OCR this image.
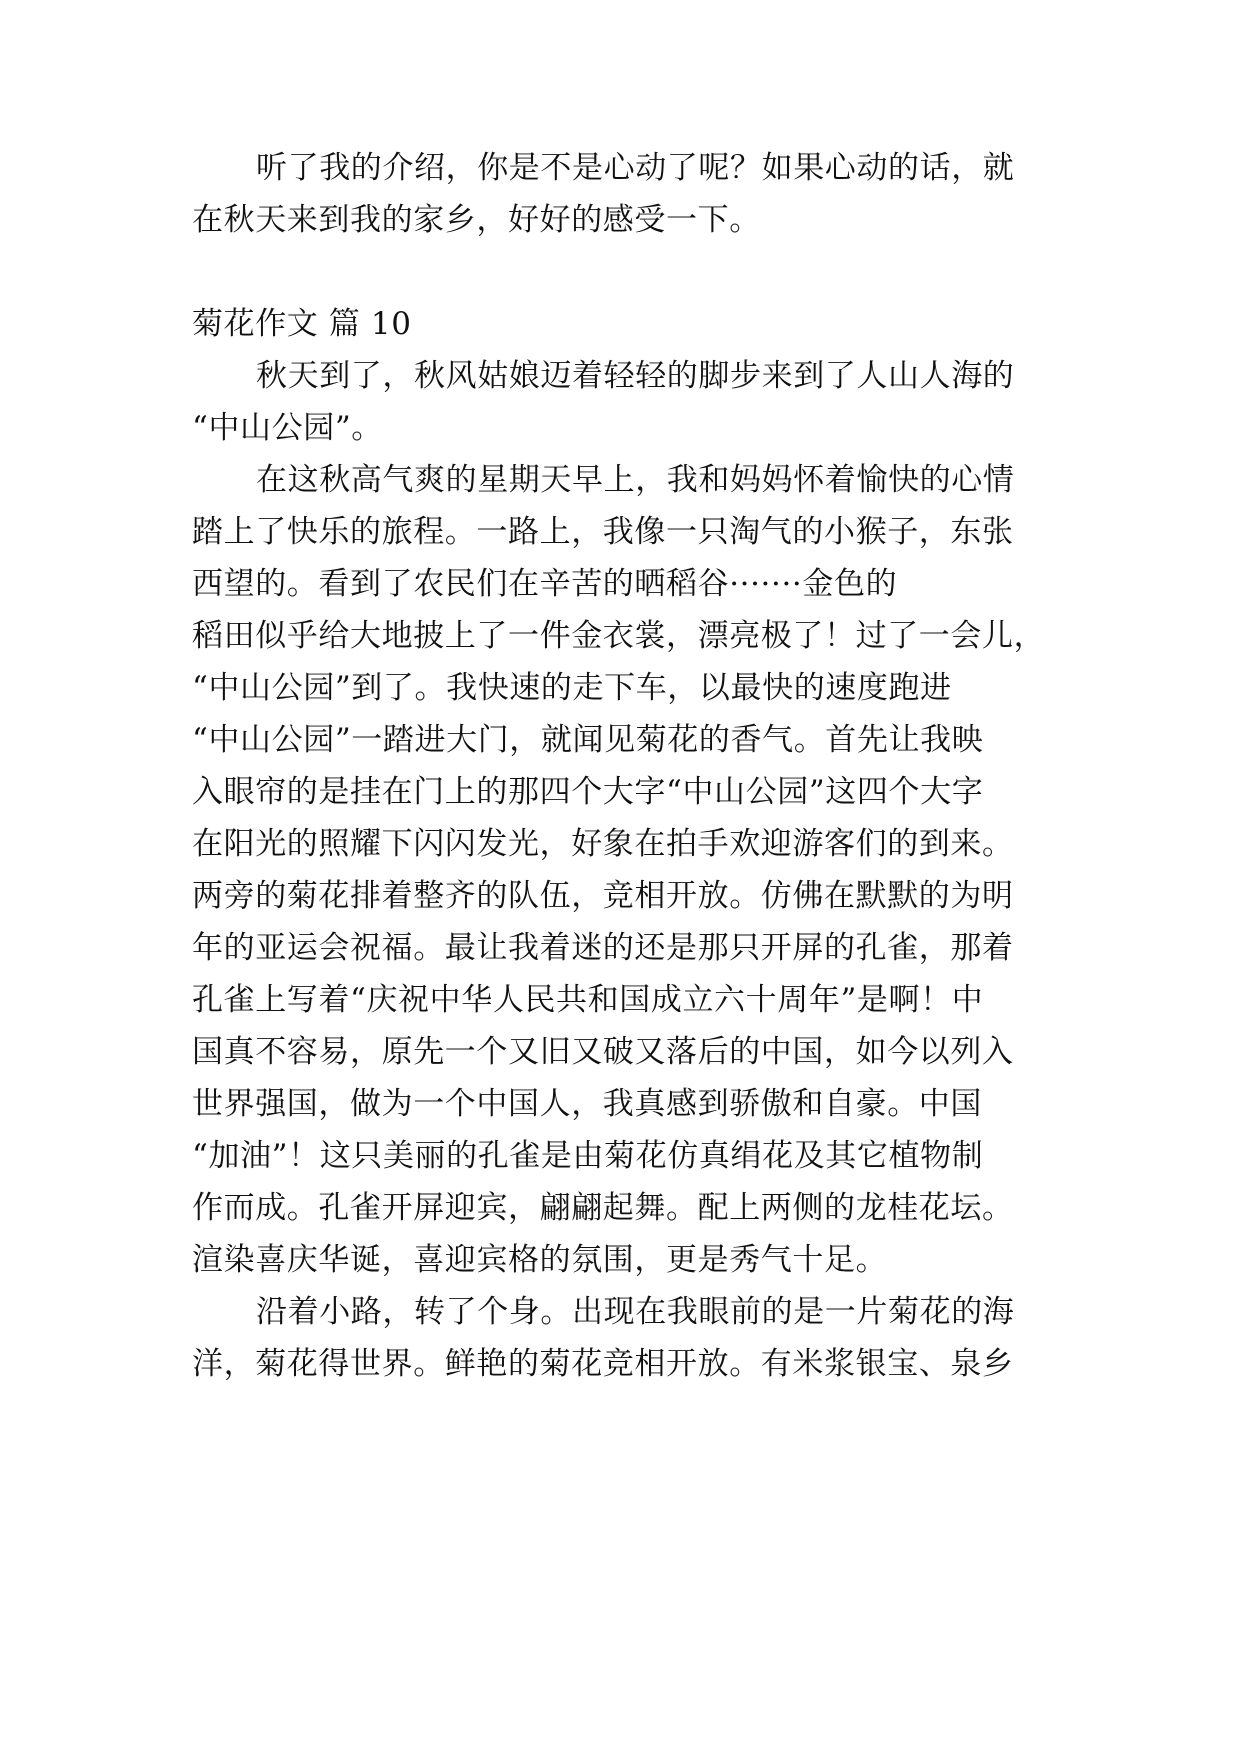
听了我的介绍，你是不是心动了呢？如果心动的话，就
在秋天来到我的家乡，好好的感受一下。
菊花作文 篇 10
秋天到了，秋风姑娘迈着轻轻的脚步来到了人山人海的
“中山公园”。
在这秋高气爽的星期天早上，我和妈妈怀着愉快的心情
踏上了快乐的旅程。一路上，我像一只淘气的小猴子，东张
西望的。看到了农民们在辛苦的晒稻谷·······金色的
稻田似乎给大地披上了一件金衣裳，漂亮极了！过了一会儿，
“中山公园”到了。我快速的走下车，以最快的速度跑进
“中山公园”一踏进大门，就闻见菊花的香气。首先让我映
入眼帘的是挂在门上的那四个大字“中山公园”这四个大字
在阳光的照耀下闪闪发光，好象在拍手欢迎游客们的到来。
两旁的菊花排着整齐的队伍，竞相开放。仿佛在默默的为明
年的亚运会祝福。最让我着迷的还是那只开屏的孔雀，那着
孔雀上写着“庆祝中华人民共和国成立六十周年”是啊！中
国真不容易，原先一个又旧又破又落后的中国，如今以列入
世界强国，做为一个中国人，我真感到骄傲和自豪。中国
“加油”！这只美丽的孔雀是由菊花仿真绢花及其它植物制
作而成。孔雀开屏迎宾，翩翩起舞。配上两侧的龙桂花坛。
渲染喜庆华诞，喜迎宾格的氛围，更是秀气十足。
沿着小路，转了个身。出现在我眼前的是一片菊花的海
洋，菊花得世界。鲜艳的菊花竞相开放。有米浆银宝、泉乡
